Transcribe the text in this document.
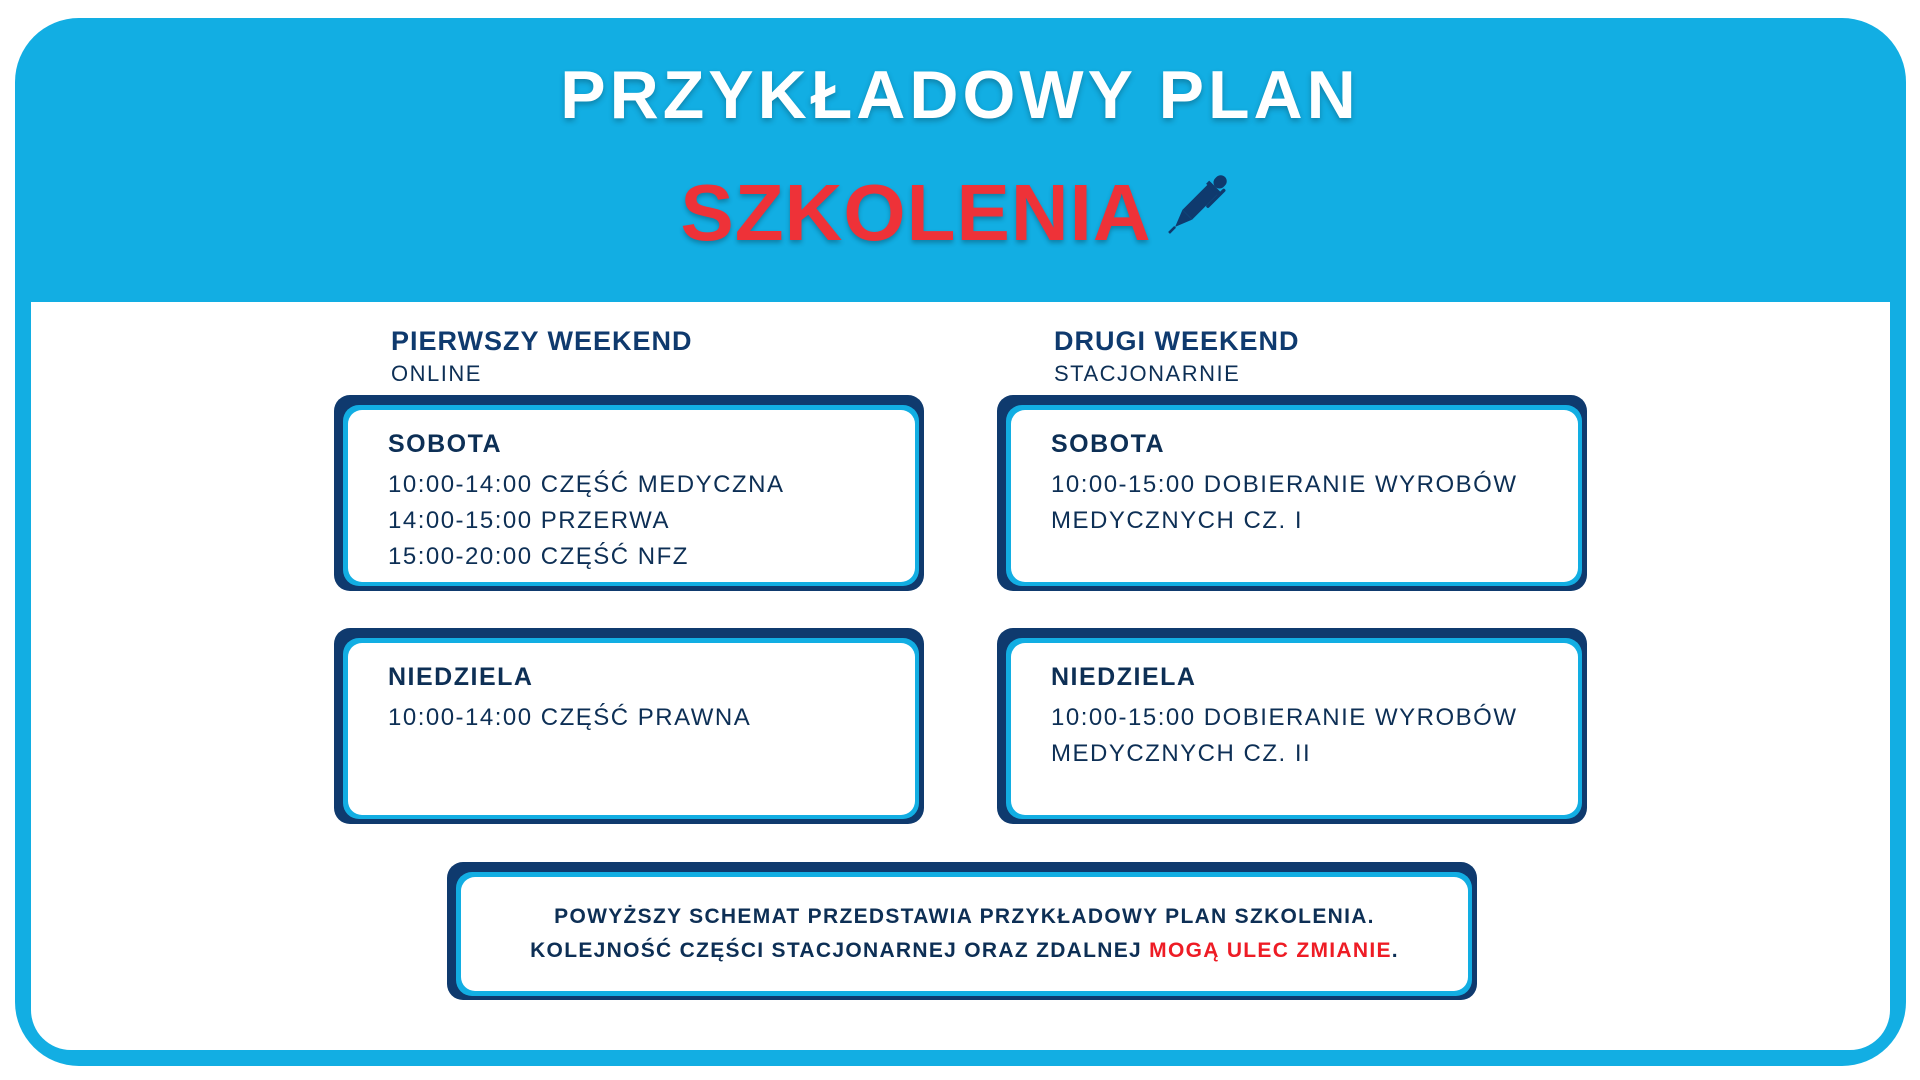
PRZYKŁADOWY PLAN
SZKOLENIA
PIERWSZY WEEKEND
ONLINE
DRUGI WEEKEND
STACJONARNIE
SOBOTA
10:00-14:00 CZĘŚĆ MEDYCZNA
14:00-15:00 PRZERWA
15:00-20:00 CZĘŚĆ NFZ
SOBOTA
10:00-15:00 DOBIERANIE WYROBÓW
MEDYCZNYCH CZ. I
NIEDZIELA
10:00-14:00 CZĘŚĆ PRAWNA
NIEDZIELA
10:00-15:00 DOBIERANIE WYROBÓW
MEDYCZNYCH CZ. II
POWYŻSZY SCHEMAT PRZEDSTAWIA PRZYKŁADOWY PLAN SZKOLENIA.
KOLEJNOŚĆ CZĘŚCI STACJONARNEJ ORAZ ZDALNEJ MOGĄ ULEC ZMIANIE.
